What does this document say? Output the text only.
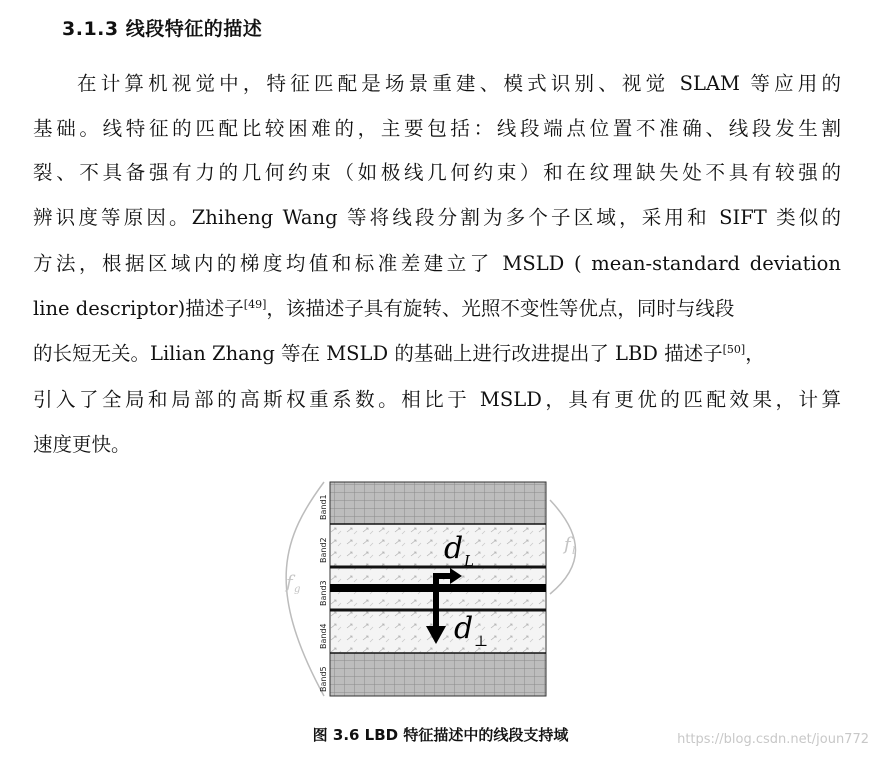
3.1.3 线段特征的描述
在计算机视觉中，特征匹配是场景重建、模式识别、视觉 SLAM 等应用的
基础。线特征的匹配比较困难的，主要包括：线段端点位置不准确、线段发生割
裂、不具备强有力的几何约束（如极线几何约束）和在纹理缺失处不具有较强的
辨识度等原因。Zhiheng Wang 等将线段分割为多个子区域，采用和 SIFT 类似的
方法，根据区域内的梯度均值和标准差建立了 MSLD ( mean-standard deviation
line descriptor)描述子[49]，该描述子具有旋转、光照不变性等优点，同时与线段
的长短无关。Lilian Zhang 等在 MSLD 的基础上进行改进提出了 LBD 描述子[50]，
引入了全局和局部的高斯权重系数。相比于 MSLD，具有更优的匹配效果，计算
速度更快。
Band1
Band2
Band3
Band4
Band5
d L
d ⊥
f g
f l
图 3.6 LBD 特征描述中的线段支持域	https://blog.csdn.net/joun772
